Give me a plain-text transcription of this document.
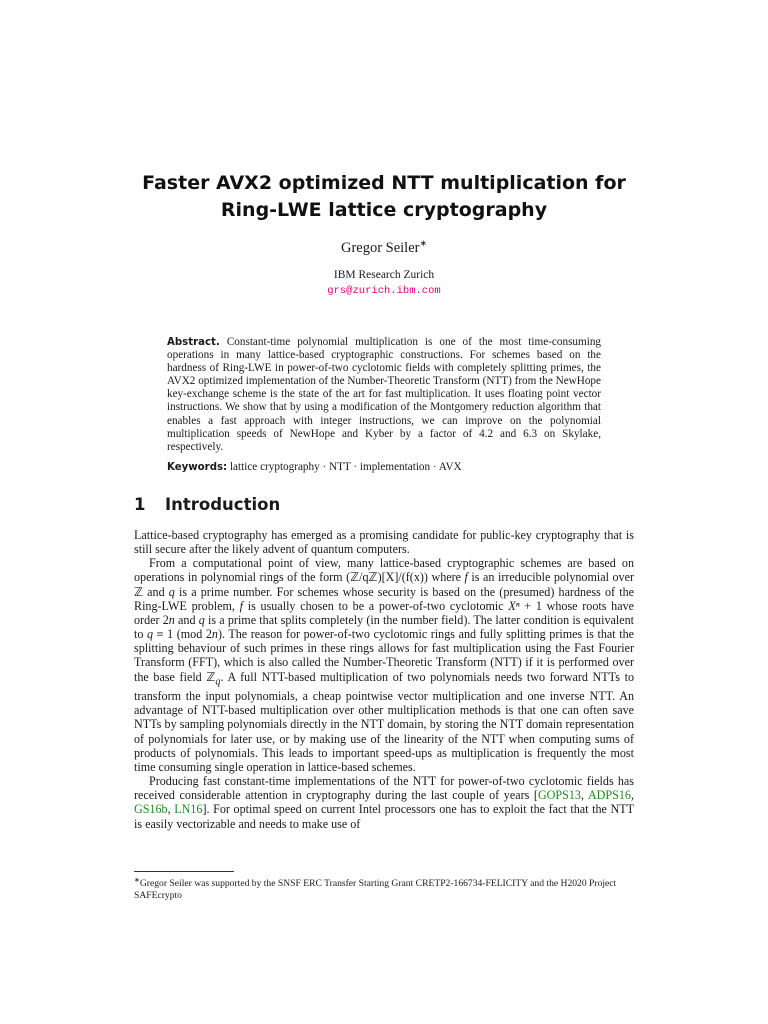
Faster AVX2 optimized NTT multiplication for
Ring-LWE lattice cryptography
Gregor Seiler∗
IBM Research Zurich
grs@zurich.ibm.com
Abstract. Constant-time polynomial multiplication is one of the most time-consuming operations in many lattice-based cryptographic constructions. For schemes based on the hardness of Ring-LWE in power-of-two cyclotomic fields with completely splitting primes, the AVX2 optimized implementation of the Number-Theoretic Transform (NTT) from the NewHope key-exchange scheme is the state of the art for fast multiplication. It uses floating point vector instructions. We show that by using a modification of the Montgomery reduction algorithm that enables a fast approach with integer instructions, we can improve on the polynomial multiplication speeds of NewHope and Kyber by a factor of 4.2 and 6.3 on Skylake, respectively.
Keywords: lattice cryptography · NTT · implementation · AVX
1 Introduction

Lattice-based cryptography has emerged as a promising candidate for public-key cryptography that is still secure after the likely advent of quantum computers.

From a computational point of view, many lattice-based cryptographic schemes are based on operations in polynomial rings of the form (ℤ/qℤ)[X]/(f(x)) where f is an irreducible polynomial over ℤ and q is a prime number. For schemes whose security is based on the (presumed) hardness of the Ring-LWE problem, f is usually chosen to be a power-of-two cyclotomic Xⁿ + 1 whose roots have order 2n and q is a prime that splits completely (in the number field). The latter condition is equivalent to q ≡ 1 (mod 2n). The reason for power-of-two cyclotomic rings and fully splitting primes is that the splitting behaviour of such primes in these rings allows for fast multiplication using the Fast Fourier Transform (FFT), which is also called the Number-Theoretic Transform (NTT) if it is performed over the base field ℤ$_q$. A full NTT-based multiplication of two polynomials needs two forward NTTs to transform the input polynomials, a cheap pointwise vector multiplication and one inverse NTT. An advantage of NTT-based multiplication over other multiplication methods is that one can often save NTTs by sampling polynomials directly in the NTT domain, by storing the NTT domain representation of polynomials for later use, or by making use of the linearity of the NTT when computing sums of products of polynomials. This leads to important speed-ups as multiplication is frequently the most time consuming single operation in lattice-based schemes.

Producing fast constant-time implementations of the NTT for power-of-two cyclotomic fields has received considerable attention in cryptography during the last couple of years [GOPS13, ADPS16, GS16b, LN16]. For optimal speed on current Intel processors one has to exploit the fact that the NTT is easily vectorizable and needs to make use of

∗Gregor Seiler was supported by the SNSF ERC Transfer Starting Grant CRETP2-166734-FELICITY and the H2020 Project SAFEcrypto
